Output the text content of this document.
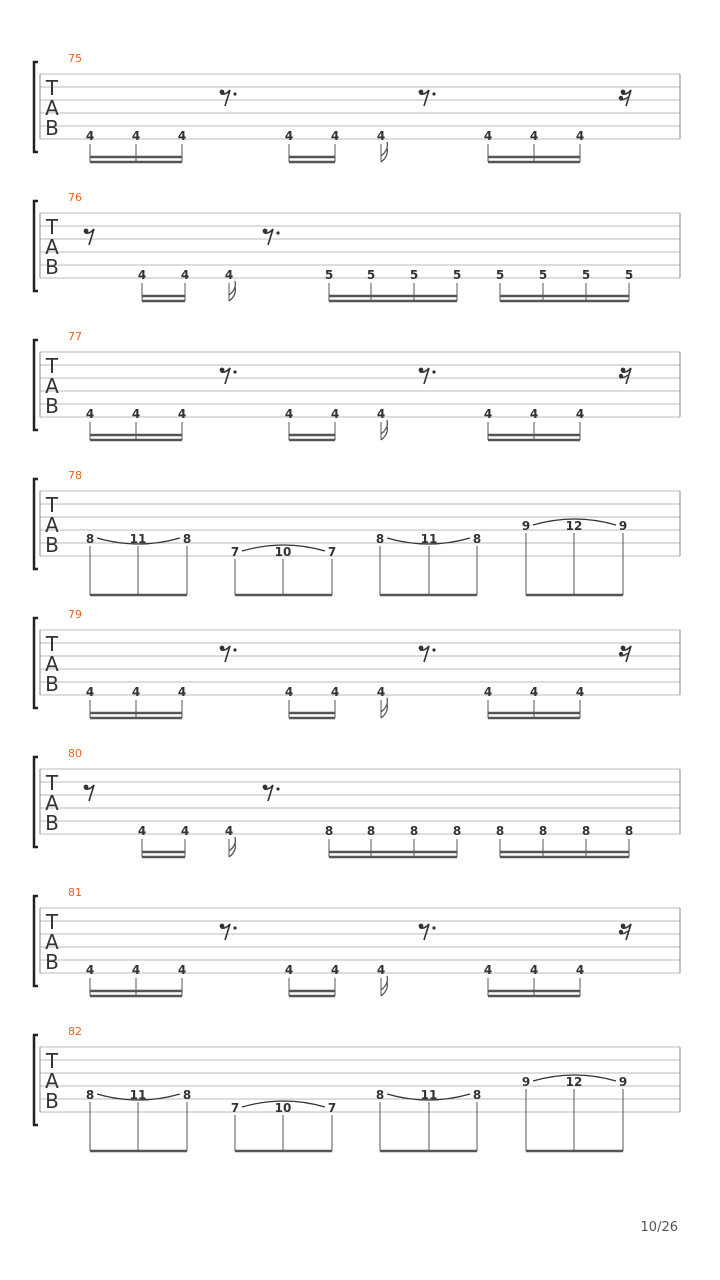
T
A
B
75
4	4	4	4	4	4	4	4	4
T
A
B
76
4	4	4	5	5	5	5	5	5	5	5
T
A
B
77
4	4	4	4	4	4	4	4	4
T
A
B
78
8	11	8
7	10	7
8	11	8
9	12	9
T
A
B
79
4	4	4	4	4	4	4	4	4
T
A
B
80
4	4	4	8	8	8	8	8	8	8	8
T
A
B
81
4	4	4	4	4	4	4	4	4
T
A
B
82
8	11	8
7	10	7
8	11	8
9	12	9
10/26
